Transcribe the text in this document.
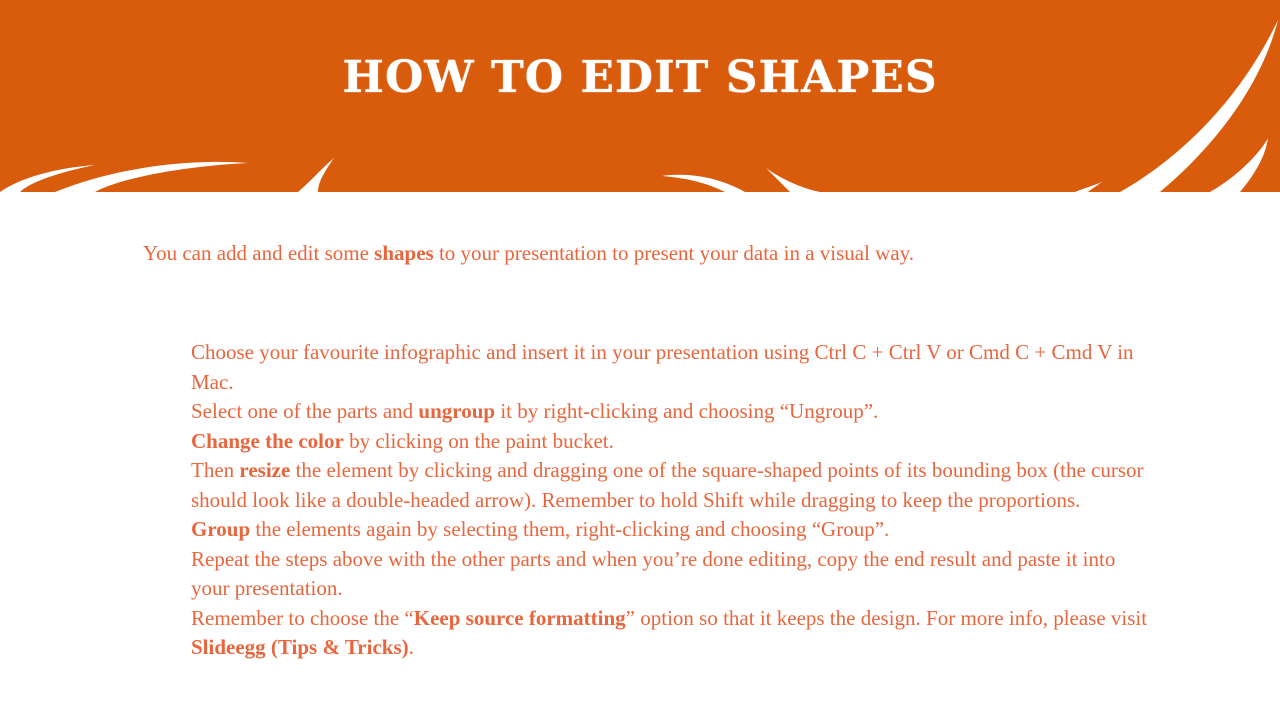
HOW TO EDIT SHAPES

You can add and edit some shapes to your presentation to present your data in a visual way.

Choose your favourite infographic and insert it in your presentation using Ctrl C + Ctrl V or Cmd C + Cmd V in Mac.
Select one of the parts and ungroup it by right-clicking and choosing “Ungroup”.
Change the color by clicking on the paint bucket.
Then resize the element by clicking and dragging one of the square-shaped points of its bounding box (the cursor should look like a double-headed arrow). Remember to hold Shift while dragging to keep the proportions.
Group the elements again by selecting them, right-clicking and choosing “Group”.
Repeat the steps above with the other parts and when you’re done editing, copy the end result and paste it into your presentation.
Remember to choose the “Keep source formatting” option so that it keeps the design. For more info, please visit Slideegg (Tips & Tricks).
